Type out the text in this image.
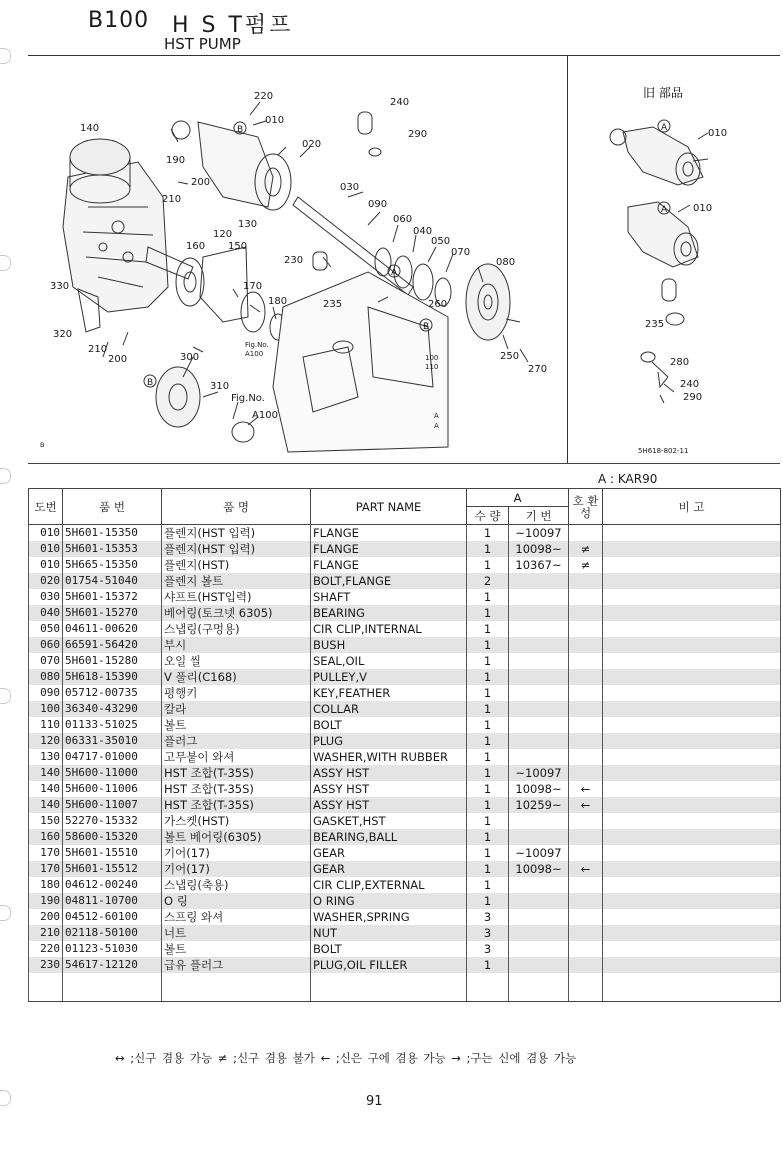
B100 H S T펌프
HST PUMP
220
240
010
290
140
020
190
200	030
210	090
130	060
040
120
150	050
160
070
230	080
330	170
180	235	260
320
210
200
Fig.No.
A100	100
110
250
270
300
310
Fig.No.
A100	A
A
B
B
A
B
B
旧 部品
010
010
235
280
240
290
A
A
5H618-802-11
A : KAR90
도번	품 번	품 명	PART NAME	A		호 환 성	비 고
				수 량	기 번		
010	5H601-15350	플렌지(HST 입력)	FLANGE	1	~10097		
010	5H601-15353	플렌지(HST 입력)	FLANGE	1	10098~	≠	
010	5H665-15350	플렌지(HST)	FLANGE	1	10367~	≠	
020	01754-51040	플렌지 볼트	BOLT,FLANGE	2			
030	5H601-15372	샤프트(HST입력)	SHAFT	1			
040	5H601-15270	베어링(토크넷 6305)	BEARING	1			
050	04611-00620	스냅링(구멍용)	CIR CLIP,INTERNAL	1			
060	66591-56420	부시	BUSH	1			
070	5H601-15280	오일 씰	SEAL,OIL	1			
080	5H618-15390	V 풀리(C168)	PULLEY,V	1			
090	05712-00735	평행키	KEY,FEATHER	1			
100	36340-43290	칼라	COLLAR	1			
110	01133-51025	볼트	BOLT	1			
120	06331-35010	플러그	PLUG	1			
130	04717-01000	고무붙이 와셔	WASHER,WITH RUBBER	1			
140	5H600-11000	HST 조합(T-35S)	ASSY HST	1	~10097		
140	5H600-11006	HST 조합(T-35S)	ASSY HST	1	10098~	←	
140	5H600-11007	HST 조합(T-35S)	ASSY HST	1	10259~	←	
150	52270-15332	가스켓(HST)	GASKET,HST	1			
160	58600-15320	볼트 베어링(6305)	BEARING,BALL	1			
170	5H601-15510	기어(17)	GEAR	1	~10097		
170	5H601-15512	기어(17)	GEAR	1	10098~	←	
180	04612-00240	스냅링(축용)	CIR CLIP,EXTERNAL	1			
190	04811-10700	O 링	O RING	1			
200	04512-60100	스프링 와셔	WASHER,SPRING	3			
210	02118-50100	너트	NUT	3			
220	01123-51030	볼트	BOLT	3			
230	54617-12120	급유 플러그	PLUG,OIL FILLER	1			

↔ ;신구 겸용 가능 ≠ ;신구 겸용 불가 ← ;신은 구에 겸용 가능 → ;구는 신에 겸용 가능
91
